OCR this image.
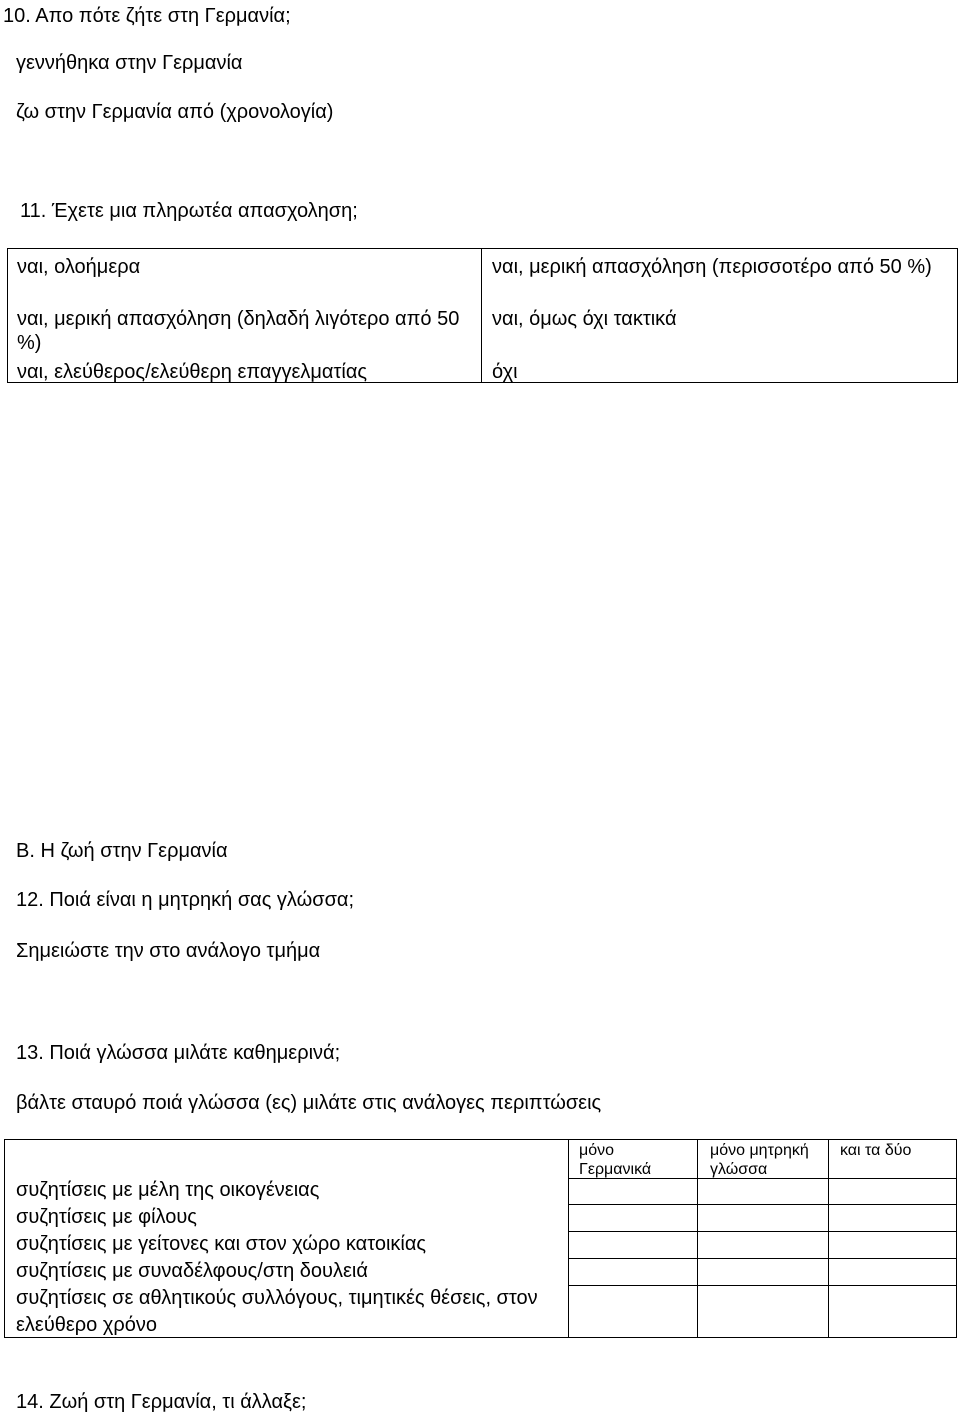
10. Απο πότε ζήτε στη Γερμανία;
γεννήθηκα στην Γερμανία
ζω στην Γερμανία από (χρονολογία)
11. Έχετε μια πληρωτέα απασχοληση;
ναι, ολοήμερα
ναι, μερική απασχόληση (δηλαδή λιγότερο από 50 %)
ναι, ελεύθερος/ελεύθερη επαγγελματίας
ναι, μερική απασχόληση (περισσοτέρο από 50 %)
ναι, όμως όχι τακτικά
όχι
Β. Η ζωή στην Γερμανία
12. Ποιά είναι η μητρηκή σας γλώσσα;
Σημειώστε την στο ανάλογο τμήμα
13. Ποιά γλώσσα μιλάτε καθημερινά;
βάλτε σταυρό ποιά γλώσσα (ες) μιλάτε στις ανάλογες περιπτώσεις
μόνο Γερμανικά
μόνο μητρηκή γλώσσα
και τα δύο
συζητίσεις με μέλη της οικογένειας
συζητίσεις με φίλους
συζητίσεις με γείτονες και στον χώρο κατοικίας
συζητίσεις με συναδέλφους/στη δουλειά
συζητίσεις σε αθλητικούς συλλόγους, τιμητικές θέσεις, στον ελεύθερο χρόνο
14. Ζωή στη Γερμανία, τι άλλαξε;
